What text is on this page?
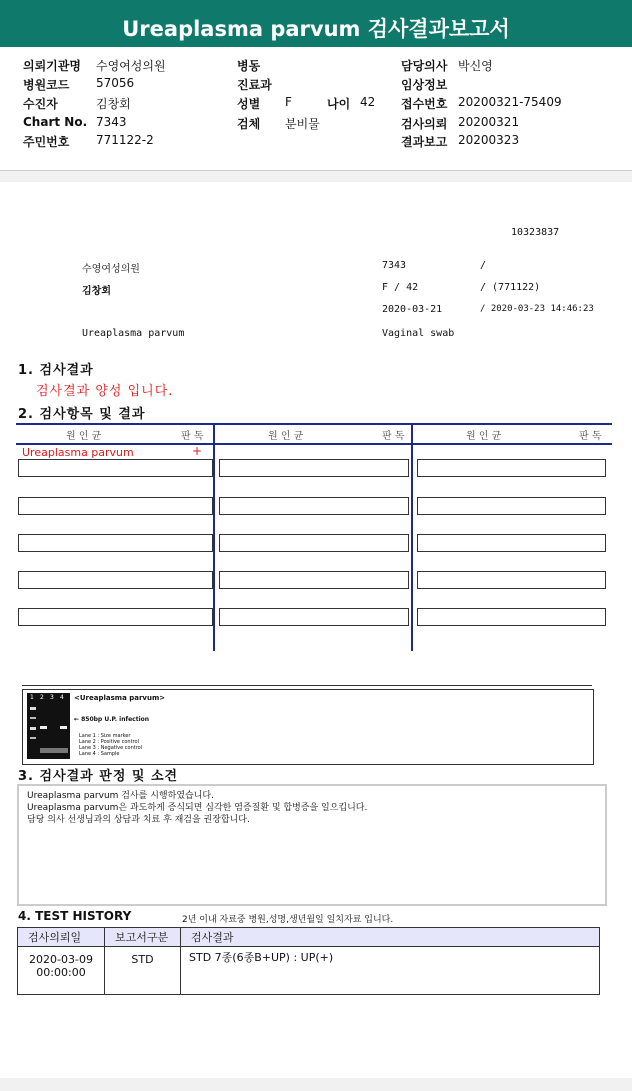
Ureaplasma parvum 검사결과보고서
의뢰기관명 수영여성의원
병원코드 57056
수진자	김창회
Chart No. 7343
주민번호 771122-2
병동
진료과
성별 F	나이 42
검체 분비물
담당의사 박신영
임상정보
접수번호 20200321-75409
검사의뢰 20200321
결과보고 20200323
10323837
수영여성의원	7343	/
김창회	F / 42	/ (771122)
2020-03-21	/ 2020-03-23 14:46:23
Ureaplasma parvum	Vaginal swab
1. 검사결과
검사결과 양성 입니다.
2. 검사항목 및 결과
원 인 균	판 독	원 인 균	판 독	원 인 균	판 독
Ureaplasma parvum	+
1 2 3 4 <Ureaplasma parvum>
← 850bp U.P. infection
Lane 1 : Size marker
Lane 2 : Positive control
Lane 3 : Negative control
Lane 4 : Sample
3. 검사결과 판정 및 소견
Ureaplasma parvum 검사를 시행하였습니다.
Ureaplasma parvum은 과도하게 증식되면 심각한 염증질환 및 합병증을 일으킵니다.
담당 의사 선생님과의 상담과 치료 후 재검을 권장합니다.
4. TEST HISTORY	2년 이내 자료중 병원,성명,생년월일 일치자료 입니다.
검사의뢰일	보고서구분	검사결과

2020-03-09
00:00:00	STD	STD 7종(6종B+UP) : UP(+)
